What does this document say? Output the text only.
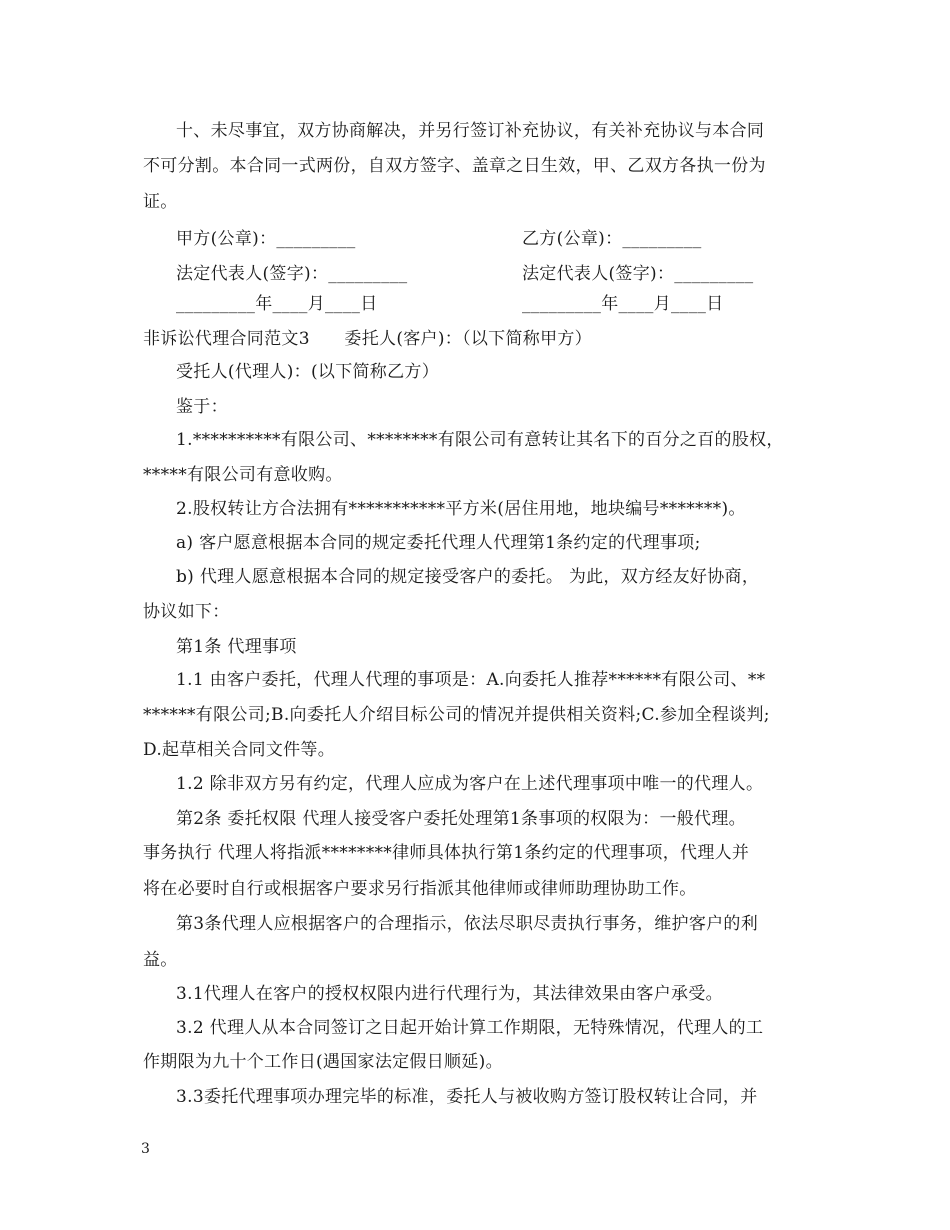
十、未尽事宜，双方协商解决，并另行签订补充协议，有关补充协议与本合同
不可分割。本合同一式两份，自双方签字、盖章之日生效，甲、乙双方各执一份为
证。
甲方(公章)：_________	乙方(公章)：_________
法定代表人(签字)：_________	法定代表人(签字)：_________
_________年____月____日	_________年____月____日
非诉讼代理合同范文3　　委托人(客户)：（以下简称甲方）
受托人(代理人)：(以下简称乙方）
鉴于：
1.**********有限公司、********有限公司有意转让其名下的百分之百的股权，
*****有限公司有意收购。
2.股权转让方合法拥有***********平方米(居住用地，地块编号*******)。
a) 客户愿意根据本合同的规定委托代理人代理第1条约定的代理事项;
b) 代理人愿意根据本合同的规定接受客户的委托。 为此，双方经友好协商，
协议如下：
第1条 代理事项
1.1 由客户委托，代理人代理的事项是：A.向委托人推荐******有限公司、**
******有限公司;B.向委托人介绍目标公司的情况并提供相关资料;C.参加全程谈判;
D.起草相关合同文件等。
1.2 除非双方另有约定，代理人应成为客户在上述代理事项中唯一的代理人。
第2条 委托权限 代理人接受客户委托处理第1条事项的权限为：一般代理。
事务执行 代理人将指派********律师具体执行第1条约定的代理事项，代理人并
将在必要时自行或根据客户要求另行指派其他律师或律师助理协助工作。
第3条代理人应根据客户的合理指示，依法尽职尽责执行事务，维护客户的利
益。
3.1代理人在客户的授权权限内进行代理行为，其法律效果由客户承受。
3.2 代理人从本合同签订之日起开始计算工作期限，无特殊情况，代理人的工
作期限为九十个工作日(遇国家法定假日顺延)。
3.3委托代理事项办理完毕的标准，委托人与被收购方签订股权转让合同，并
3
